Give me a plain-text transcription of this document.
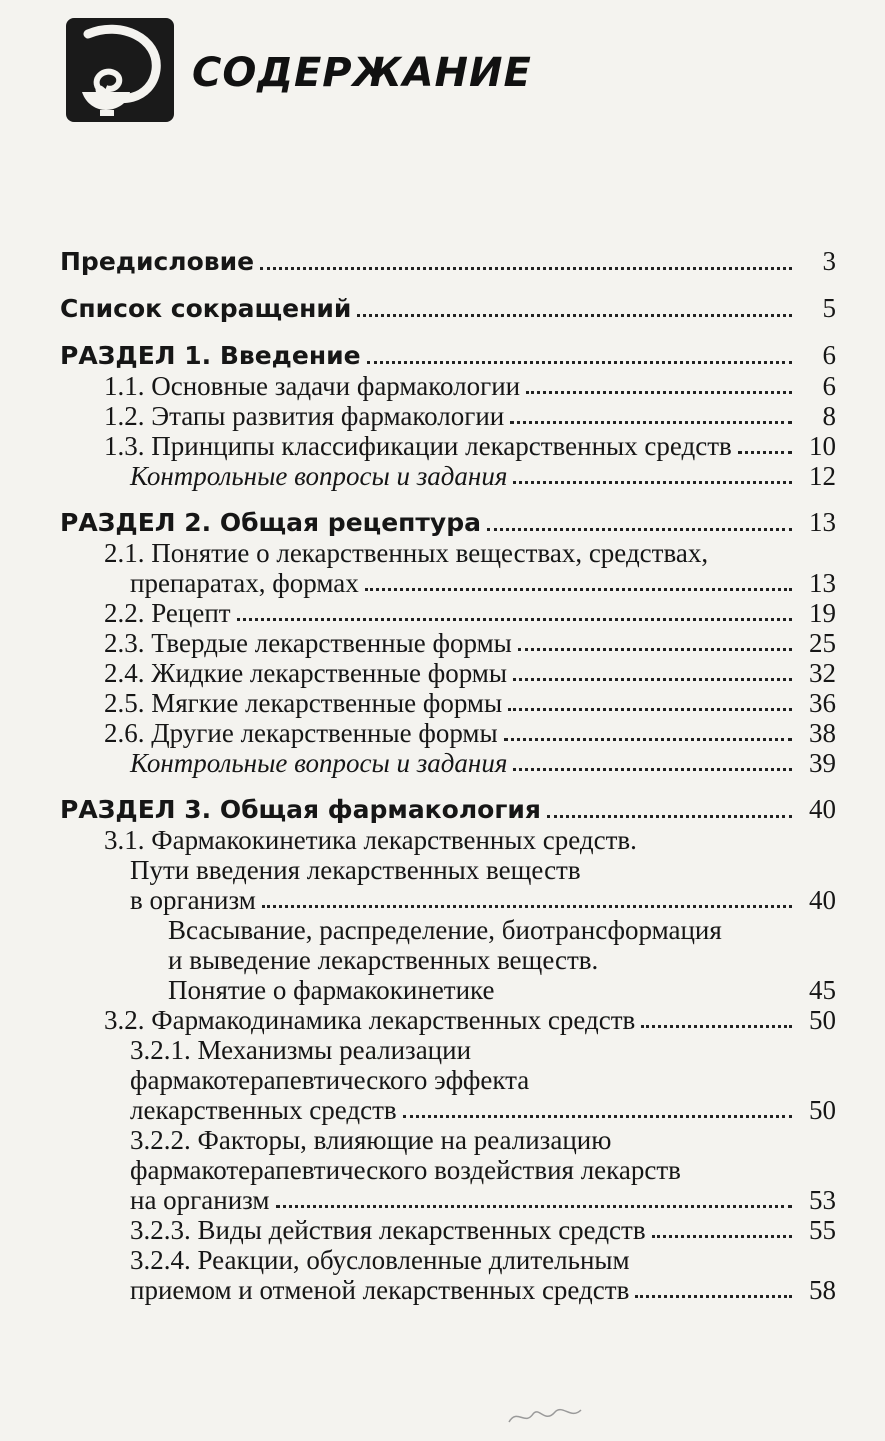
СОДЕРЖАНИЕ
Предисловие	3
Список сокращений	5
РАЗДЕЛ 1. Введение	6
1.1. Основные задачи фармакологии	6
1.2. Этапы развития фармакологии	8
1.3. Принципы классификации лекарственных средств	10
Контрольные вопросы и задания	12
РАЗДЕЛ 2. Общая рецептура	13
2.1. Понятие о лекарственных веществах, средствах,
препаратах, формах	13
2.2. Рецепт	19
2.3. Твердые лекарственные формы	25
2.4. Жидкие лекарственные формы	32
2.5. Мягкие лекарственные формы	36
2.6. Другие лекарственные формы	38
Контрольные вопросы и задания	39
РАЗДЕЛ 3. Общая фармакология	40
3.1. Фармакокинетика лекарственных средств.
Пути введения лекарственных веществ
в организм	40
Всасывание, распределение, биотрансформация
и выведение лекарственных веществ.
Понятие о фармакокинетике	45
3.2. Фармакодинамика лекарственных средств	50
3.2.1. Механизмы реализации
фармакотерапевтического эффекта
лекарственных средств	50
3.2.2. Факторы, влияющие на реализацию
фармакотерапевтического воздействия лекарств
на организм	53
3.2.3. Виды действия лекарственных средств	55
3.2.4. Реакции, обусловленные длительным
приемом и отменой лекарственных средств	58
